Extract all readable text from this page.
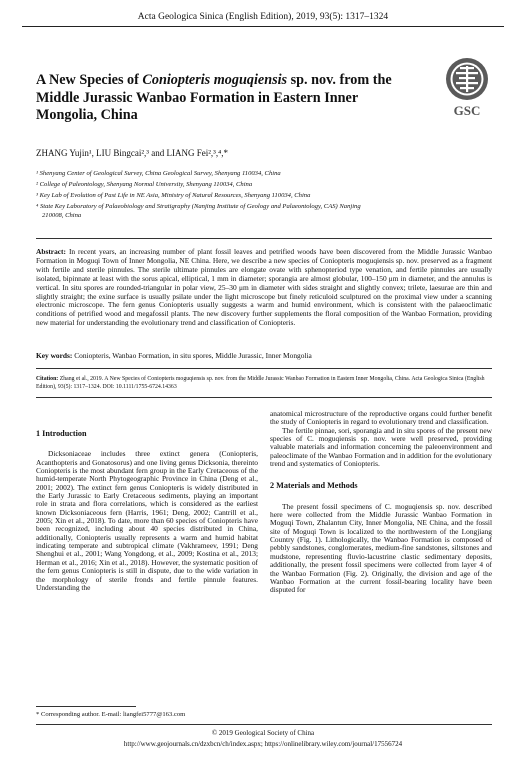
Acta Geologica Sinica (English Edition), 2019, 93(5): 1317–1324
A New Species of Coniopteris moguqiensis sp. nov. from the Middle Jurassic Wanbao Formation in Eastern Inner Mongolia, China	GSC
ZHANG Yujin¹, LIU Bingcai²,³ and LIANG Fei²,³,⁴,*
¹ Shenyang Center of Geological Survey, China Geological Survey, Shenyang 110034, China
² College of Paleontology, Shenyang Normal University, Shenyang 110034, China
³ Key Lab of Evolution of Past Life in NE Asia, Ministry of Natural Resources, Shenyang 110034, China
⁴ State Key Laboratory of Palaeobiology and Stratigraphy (Nanjing Institute of Geology and Palaeontology, CAS) Nanjing
210008, China
Abstract: In recent years, an increasing number of plant fossil leaves and petrified woods have been discovered from the Middle Jurassic Wanbao Formation in Moguqi Town of Inner Mongolia, NE China. Here, we describe a new species of Coniopteris moguqiensis sp. nov. preserved as a fragment with fertile and sterile pinnules. The sterile ultimate pinnules are elongate ovate with sphenopteriod type venation, and fertile pinnules are usually isolated, bipinnate at least with the sorus apical, elliptical, 1 mm in diameter; sporangia are almost globular, 100–150 μm in diameter, and the annulus is vertical. In situ spores are rounded-triangular in polar view, 25–30 μm in diameter with sides straight and slightly convex; trilete, laesurae are thin and slightly straight; the exine surface is usually psilate under the light microscope but finely reticuloid sculptured on the proximal view under a scanning electronic microscope. The fern genus Coniopteris usually suggests a warm and humid environment, which is consistent with the palaeoclimatic conditions of petrified wood and megafossil plants. The new discovery further supplements the floral composition of the Wanbao Formation, providing new material for understanding the evolutionary trend and classification of Coniopteris.
Key words: Coniopteris, Wanbao Formation, in situ spores, Middle Jurassic, Inner Mongolia
Citation: Zhang et al., 2019. A New Species of Coniopteris moguqiensis sp. nov. from the Middle Jurassic Wanbao Formation in Eastern Inner Mongolia, China. Acta Geologica Sinica (English Edition), 93(5): 1317–1324. DOI: 10.1111/1755-6724.14363
1 Introduction

Dicksoniaceae includes three extinct genera (Coniopteris, Acanthopteris and Gonatosorus) and one living genus Dicksonia, thereinto Coniopteris is the most abundant fern group in the Early Cretaceous of the humid-temperate North Phytogeographic Province in China (Deng et al., 2001; 2002). The extinct fern genus Coniopteris is widely distributed in the Early Jurassic to Early Cretaceous sediments, playing an important role in strata and flora correlations, which is considered as the earliest known Dicksoniaceous fern (Harris, 1961; Deng, 2002; Cantrill et al., 2005; Xin et al., 2018). To date, more than 60 species of Coniopteris have been recognized, including about 40 species distributed in China, additionally, Coniopteris usually represents a warm and humid habitat indicating temperate and subtropical climate (Vakhrameev, 1991; Deng Shenghui et al., 2001; Wang Yongdong, et al., 2009; Kostina et al., 2013; Herman et al., 2016; Xin et al., 2018). However, the systematic position of the fern genus Coniopteris is still in dispute, due to the wide variation in the morphology of sterile fronds and fertile pinnule features. Understanding the

anatomical microstructure of the reproductive organs could further benefit the study of Coniopteris in regard to evolutionary trend and classification.

The fertile pinnae, sori, sporangia and in situ spores of the present new species of C. moguqiensis sp. nov. were well preserved, providing valuable materials and information concerning the paleoenvironment and paleoclimate of the Wanbao Formation and in addition for the evolutionary trend and systematics of Coniopteris.

2 Materials and Methods

The present fossil specimens of C. moguqiensis sp. nov. described here were collected from the Middle Jurassic Wanbao Formation in Moguqi Town, Zhalantun City, Inner Mongolia, NE China, and the fossil site of Moguqi Town is localized to the northwestern of the Longjiang Country (Fig. 1). Lithologically, the Wanbao Formation is composed of pebbly sandstones, conglomerates, medium-fine sandstones, siltstones and mudstone, representing fluvio-lacustrine clastic sedimentary deposits, additionally, the present fossil specimens were collected from layer 4 of the Wanbao Formation (Fig. 2). Originally, the division and age of the Wanbao Formation at the current fossil-bearing locality have been disputed for

* Corresponding author. E-mail: liangfei5777@163.com
© 2019 Geological Society of China
http://www.geojournals.cn/dzxbcn/ch/index.aspx; https://onlinelibrary.wiley.com/journal/17556724
